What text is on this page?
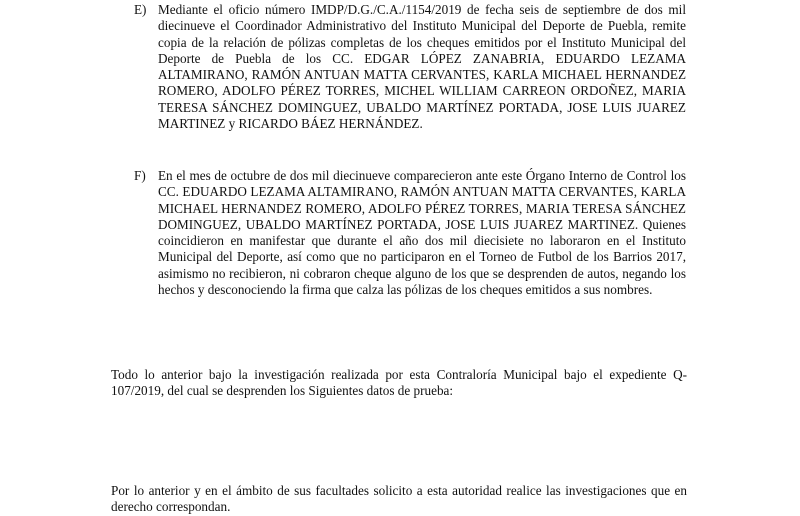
E) Mediante el oficio número IMDP/D.G./C.A./1154/2019 de fecha seis de septiembre de dos mil diecinueve el Coordinador Administrativo del Instituto Municipal del Deporte de Puebla, remite copia de la relación de pólizas completas de los cheques emitidos por el Instituto Municipal del Deporte de Puebla de los CC. EDGAR LÓPEZ ZANABRIA, EDUARDO LEZAMA ALTAMIRANO, RAMÓN ANTUAN MATTA CERVANTES, KARLA MICHAEL HERNANDEZ ROMERO, ADOLFO PÉREZ TORRES, MICHEL WILLIAM CARREON ORDOÑEZ, MARIA TERESA SÁNCHEZ DOMINGUEZ, UBALDO MARTÍNEZ PORTADA, JOSE LUIS JUAREZ MARTINEZ y RICARDO BÁEZ HERNÁNDEZ.

F) En el mes de octubre de dos mil diecinueve comparecieron ante este Órgano Interno de Control los CC. EDUARDO LEZAMA ALTAMIRANO, RAMÓN ANTUAN MATTA CERVANTES, KARLA MICHAEL HERNANDEZ ROMERO, ADOLFO PÉREZ TORRES, MARIA TERESA SÁNCHEZ DOMINGUEZ, UBALDO MARTÍNEZ PORTADA, JOSE LUIS JUAREZ MARTINEZ. Quienes coincidieron en manifestar que durante el año dos mil diecisiete no laboraron en el Instituto Municipal del Deporte, así como que no participaron en el Torneo de Futbol de los Barrios 2017, asimismo no recibieron, ni cobraron cheque alguno de los que se desprenden de autos, negando los hechos y desconociendo la firma que calza las pólizas de los cheques emitidos a sus nombres.

Todo lo anterior bajo la investigación realizada por esta Contraloría Municipal bajo el expediente Q-107/2019, del cual se desprenden los Siguientes datos de prueba:

Por lo anterior y en el ámbito de sus facultades solicito a esta autoridad realice las investigaciones que en derecho correspondan.
